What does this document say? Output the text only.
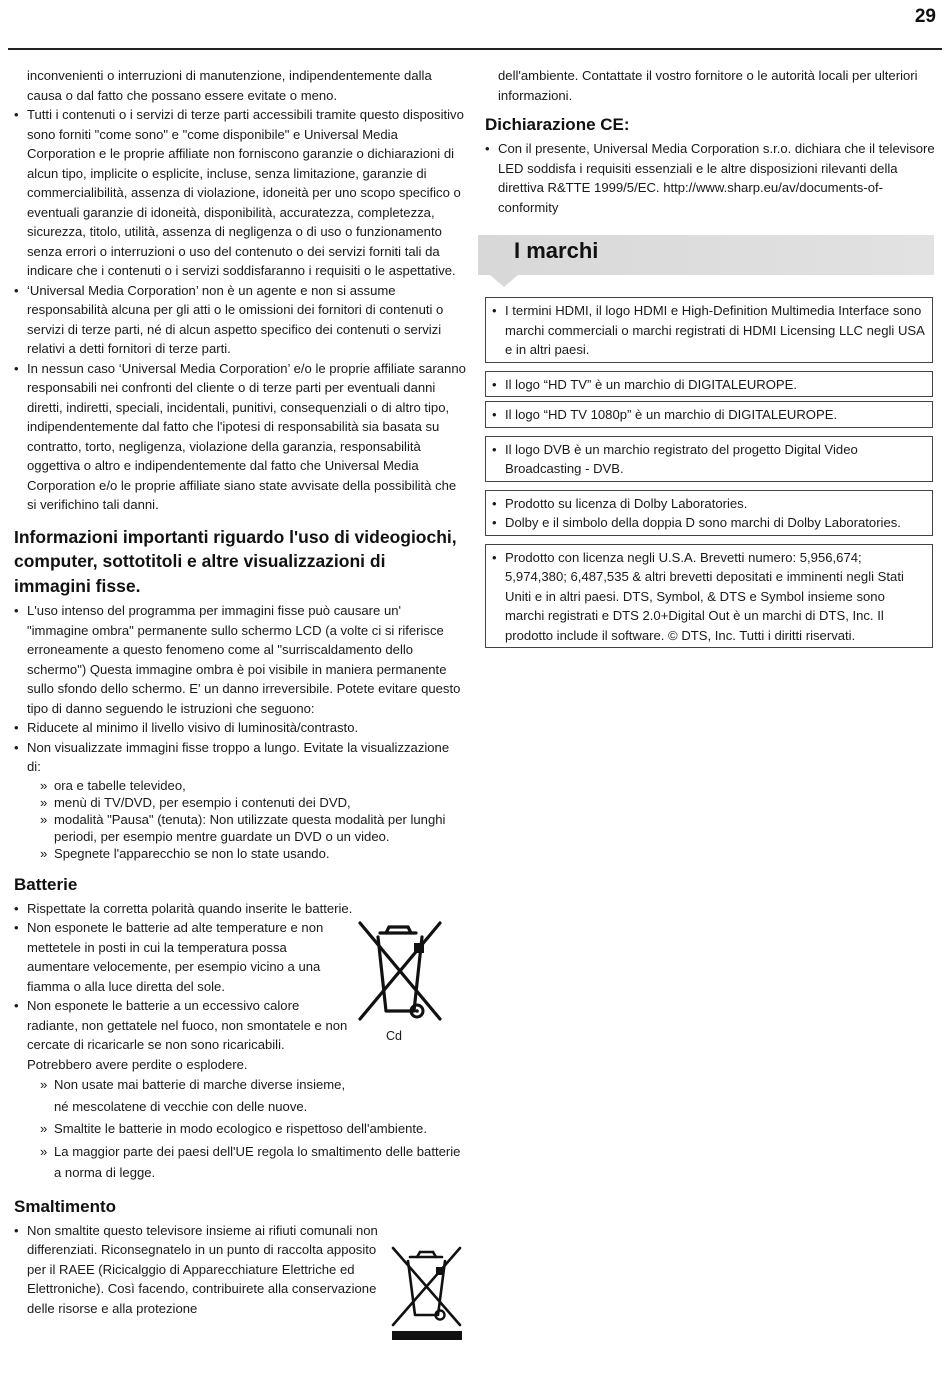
29

inconvenienti o interruzioni di manutenzione, indipendentemente dalla causa o dal fatto che possano essere evitate o meno.

• Tutti i contenuti o i servizi di terze parti accessibili tramite questo dispositivo sono forniti "come sono" e "come disponibile" e Universal Media Corporation e le proprie affiliate non forniscono garanzie o dichiarazioni di alcun tipo, implicite o esplicite, incluse, senza limitazione, garanzie di commercialibilità, assenza di violazione, idoneità per uno scopo specifico o eventuali garanzie di idoneità, disponibilità, accuratezza, completezza, sicurezza, titolo, utilità, assenza di negligenza o di uso o funzionamento senza errori o interruzioni o uso del contenuto o dei servizi forniti tali da indicare che i contenuti o i servizi soddisfaranno i requisiti o le aspettative.
• ‘Universal Media Corporation’ non è un agente e non si assume responsabilità alcuna per gli atti o le omissioni dei fornitori di contenuti o servizi di terze parti, né di alcun aspetto specifico dei contenuti o servizi relativi a detti fornitori di terze parti.
• In nessun caso ‘Universal Media Corporation’ e/o le proprie affiliate saranno responsabili nei confronti del cliente o di terze parti per eventuali danni diretti, indiretti, speciali, incidentali, punitivi, consequenziali o di altro tipo, indipendentemente dal fatto che l'ipotesi di responsabilità sia basata su contratto, torto, negligenza, violazione della garanzia, responsabilità oggettiva o altro e indipendentemente dal fatto che Universal Media Corporation e/o le proprie affiliate siano state avvisate della possibilità che si verifichino tali danni.
Informazioni importanti riguardo l'uso di videogiochi, computer, sottotitoli e altre visualizzazioni di immagini fisse.
• L'uso intenso del programma per immagini fisse può causare un' "immagine ombra" permanente sullo schermo LCD (a volte ci si riferisce erroneamente a questo fenomeno come al "surriscaldamento dello schermo") Questa immagine ombra è poi visibile in maniera permanente sullo sfondo dello schermo. E' un danno irreversibile. Potete evitare questo tipo di danno seguendo le istruzioni che seguono:
• Riducete al minimo il livello visivo di luminosità/contrasto.
• Non visualizzate immagini fisse troppo a lungo. Evitate la visualizzazione di:
» ora e tabelle televideo,
» menù di TV/DVD, per esempio i contenuti dei DVD,
» modalità "Pausa" (tenuta): Non utilizzate questa modalità per lunghi periodi, per esempio mentre guardate un DVD o un video.
» Spegnete l'apparecchio se non lo state usando.
Batterie
• Rispettate la corretta polarità quando inserite le batterie.
• Non esponete le batterie ad alte temperature e non mettetele in posti in cui la temperatura possa aumentare velocemente, per esempio vicino a una fiamma o alla luce diretta del sole.
• Non esponete le batterie a un eccessivo calore radiante, non gettatele nel fuoco, non smontatele e non cercate di ricaricarle se non sono ricaricabili. Potrebbero avere perdite o esplodere.
» Non usate mai batterie di marche diverse insieme, né mescolatene di vecchie con delle nuove.
» Smaltite le batterie in modo ecologico e rispettoso dell'ambiente.
» La maggior parte dei paesi dell'UE regola lo smaltimento delle batterie a norma di legge.
Cd
Smaltimento
• Non smaltite questo televisore insieme ai rifiuti comunali non differenziati. Riconsegnatelo in un punto di raccolta apposito per il RAEE (Ricicalggio di Apparecchiature Elettriche ed Elettroniche). Così facendo, contribuirete alla conservazione delle risorse e alla protezione

dell'ambiente. Contattate il vostro fornitore o le autorità locali per ulteriori informazioni.

Dichiarazione CE:
• Con il presente, Universal Media Corporation s.r.o. dichiara che il televisore LED soddisfa i requisiti essenziali e le altre disposizioni rilevanti della direttiva R&TTE 1999/5/EC. http://www.sharp.eu/av/documents-of-conformity
I marchi
• I termini HDMI, il logo HDMI e High-Definition Multimedia Interface sono marchi commerciali o marchi registrati di HDMI Licensing LLC negli USA e in altri paesi.
• Il logo “HD TV” è un marchio di DIGITALEUROPE.
• Il logo “HD TV 1080p” è un marchio di DIGITALEUROPE.
• Il logo DVB è un marchio registrato del progetto Digital Video Broadcasting - DVB.
• Prodotto su licenza di Dolby Laboratories.
• Dolby e il simbolo della doppia D sono marchi di Dolby Laboratories.
• Prodotto con licenza negli U.S.A. Brevetti numero: 5,956,674; 5,974,380; 6,487,535 & altri brevetti depositati e imminenti negli Stati Uniti e in altri paesi. DTS, Symbol, & DTS e Symbol insieme sono marchi registrati e DTS 2.0+Digital Out è un marchi di DTS, Inc. Il prodotto include il software. © DTS, Inc. Tutti i diritti riservati.
